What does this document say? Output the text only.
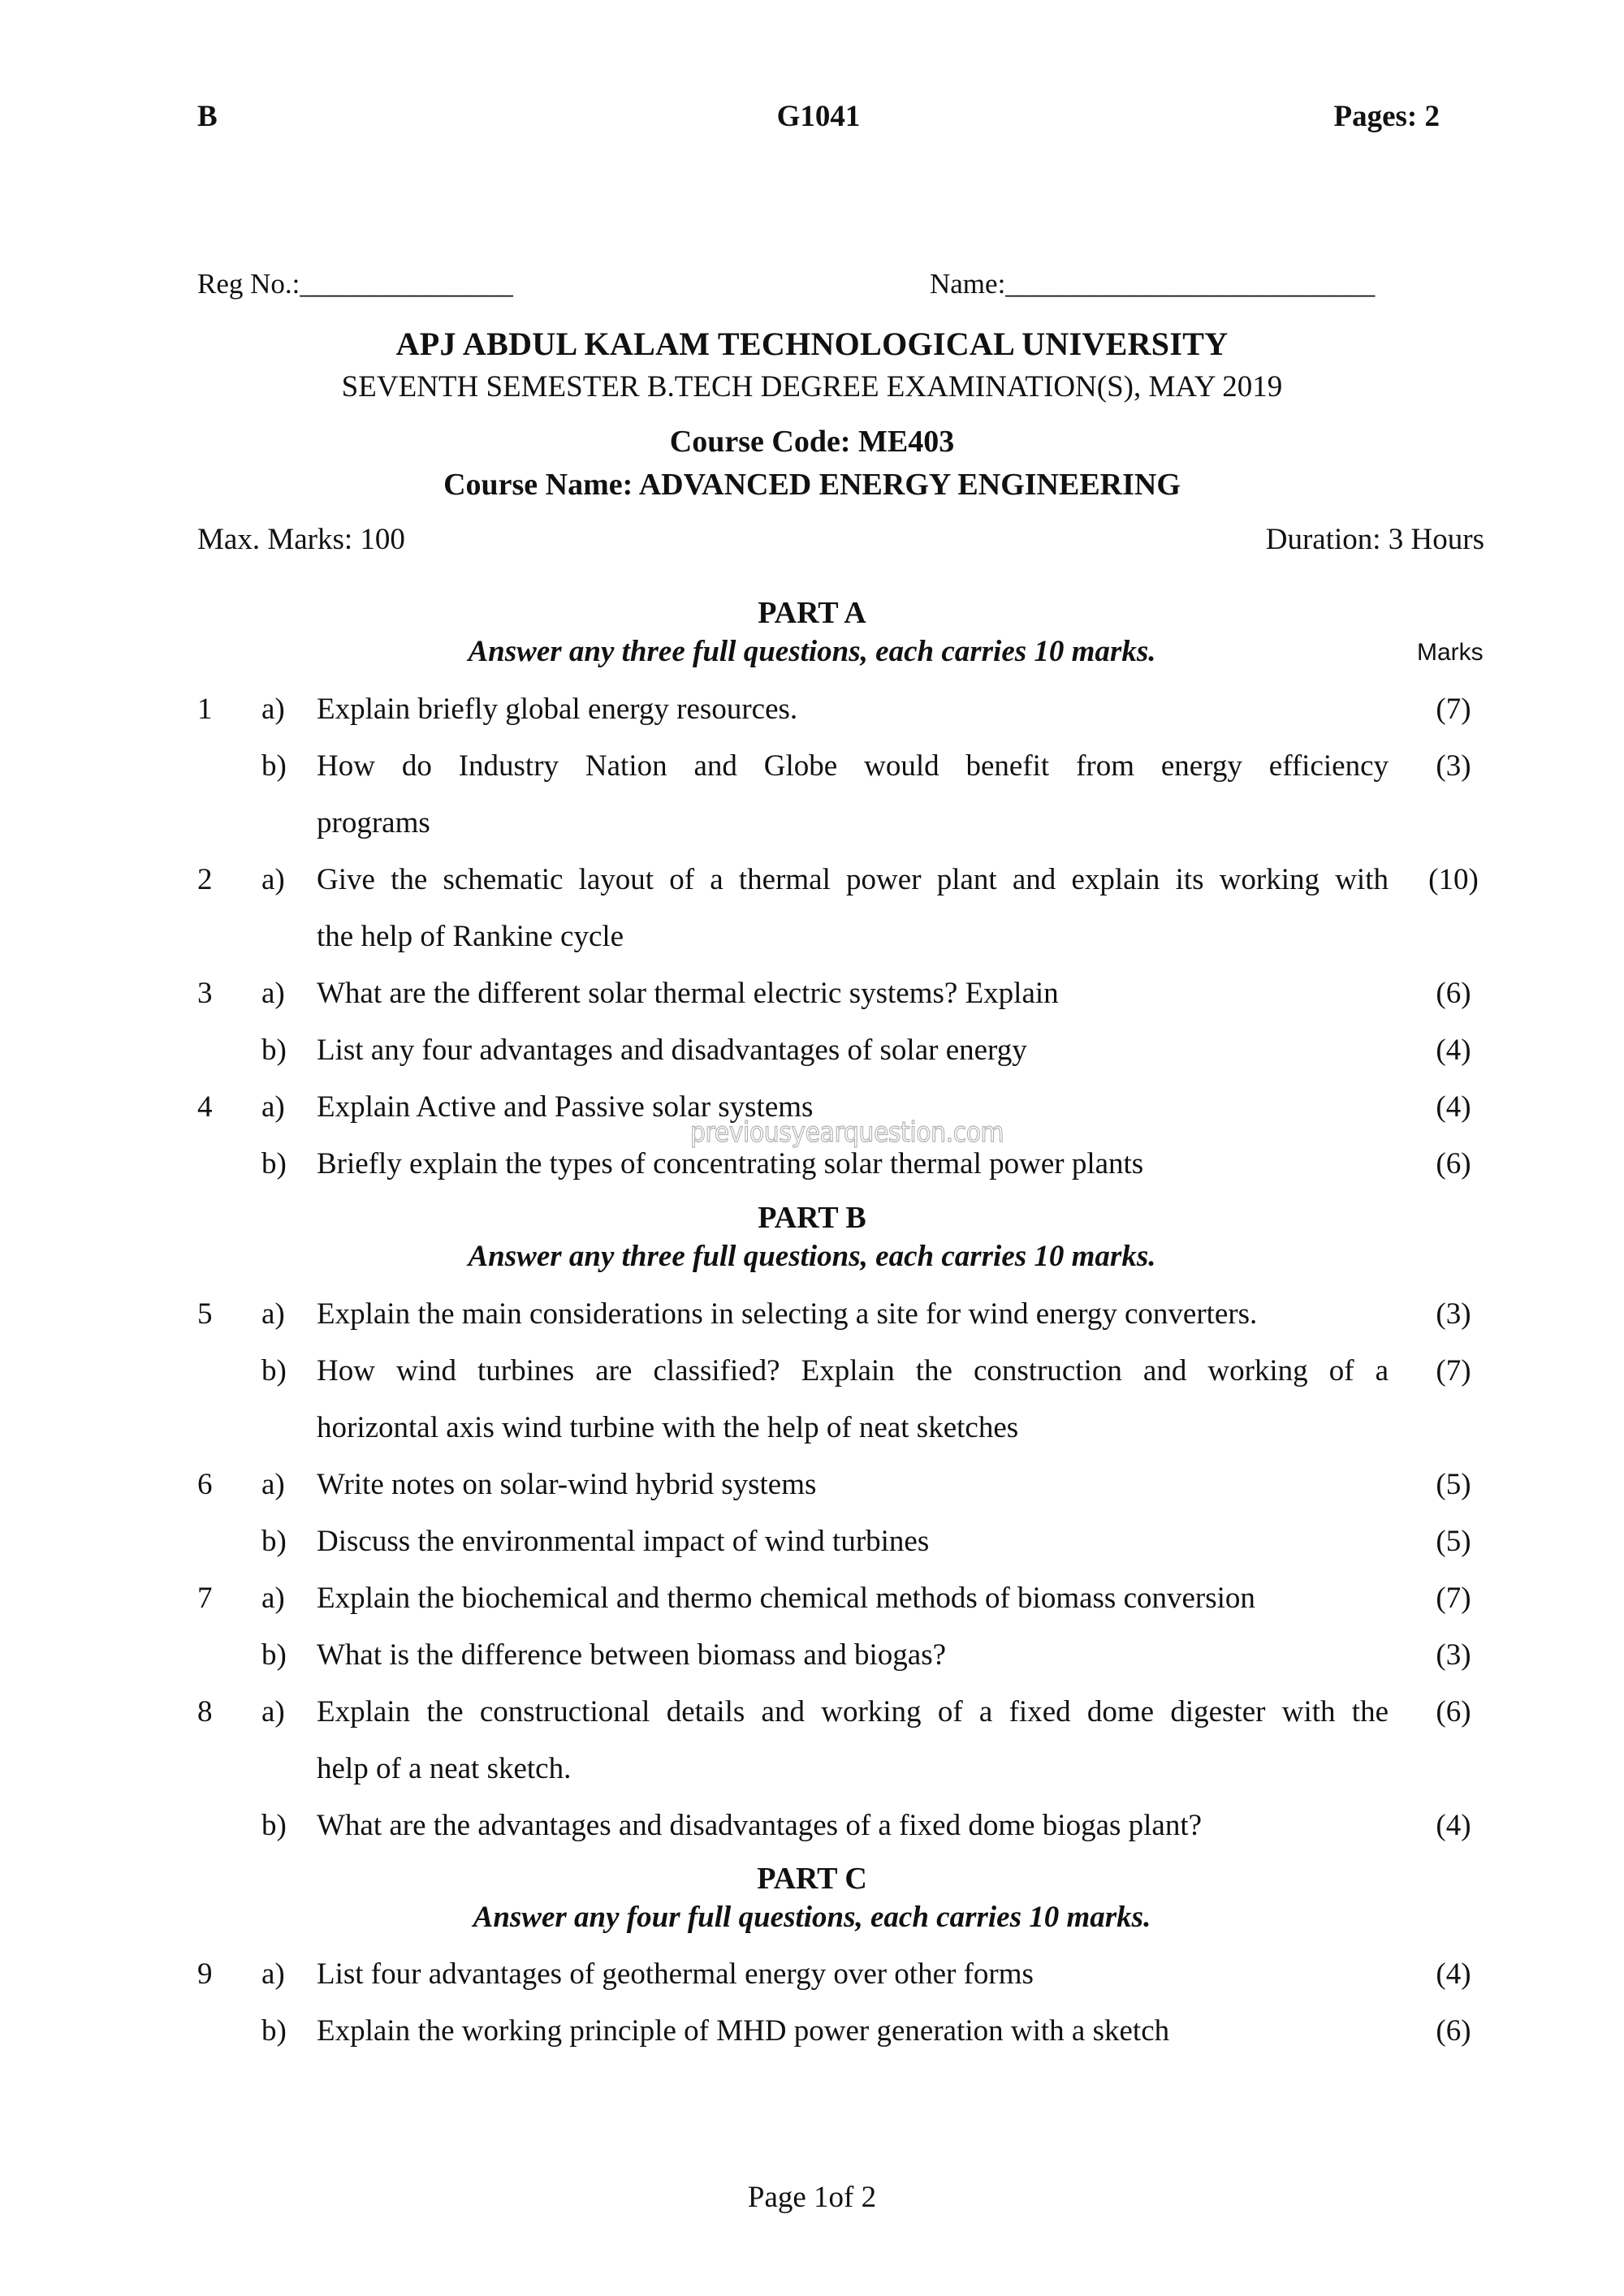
B	G1041	Pages: 2
Reg No.:_______________	Name:__________________________
APJ ABDUL KALAM TECHNOLOGICAL UNIVERSITY
SEVENTH SEMESTER B.TECH DEGREE EXAMINATION(S), MAY 2019
Course Code: ME403
Course Name: ADVANCED ENERGY ENGINEERING
Max. Marks: 100	Duration: 3 Hours
PART A
Answer any three full questions, each carries 10 marks.	Marks
1 a) Explain briefly global energy resources.	(7)
b) How do Industry Nation and Globe would benefit from energy efficiency	(3)
programs
2 a) Give the schematic layout of a thermal power plant and explain its working with (10)
the help of Rankine cycle
3 a) What are the different solar thermal electric systems? Explain	(6)
b) List any four advantages and disadvantages of solar energy	(4)
4 a) Explain Active and Passive solar systems	(4)
b) Briefly explain the types of concentrating solar thermal power plants	(6)
previousyearquestion.com
PART B
Answer any three full questions, each carries 10 marks.
5 a) Explain the main considerations in selecting a site for wind energy converters.	(3)
b) How wind turbines are classified? Explain the construction and working of a	(7)
horizontal axis wind turbine with the help of neat sketches
6 a) Write notes on solar-wind hybrid systems	(5)
b) Discuss the environmental impact of wind turbines	(5)
7 a) Explain the biochemical and thermo chemical methods of biomass conversion	(7)
b) What is the difference between biomass and biogas?	(3)
8 a) Explain the constructional details and working of a fixed dome digester with the	(6)
help of a neat sketch.
b) What are the advantages and disadvantages of a fixed dome biogas plant?	(4)
PART C
Answer any four full questions, each carries 10 marks.
9 a) List four advantages of geothermal energy over other forms	(4)
b) Explain the working principle of MHD power generation with a sketch	(6)
Page 1of 2
